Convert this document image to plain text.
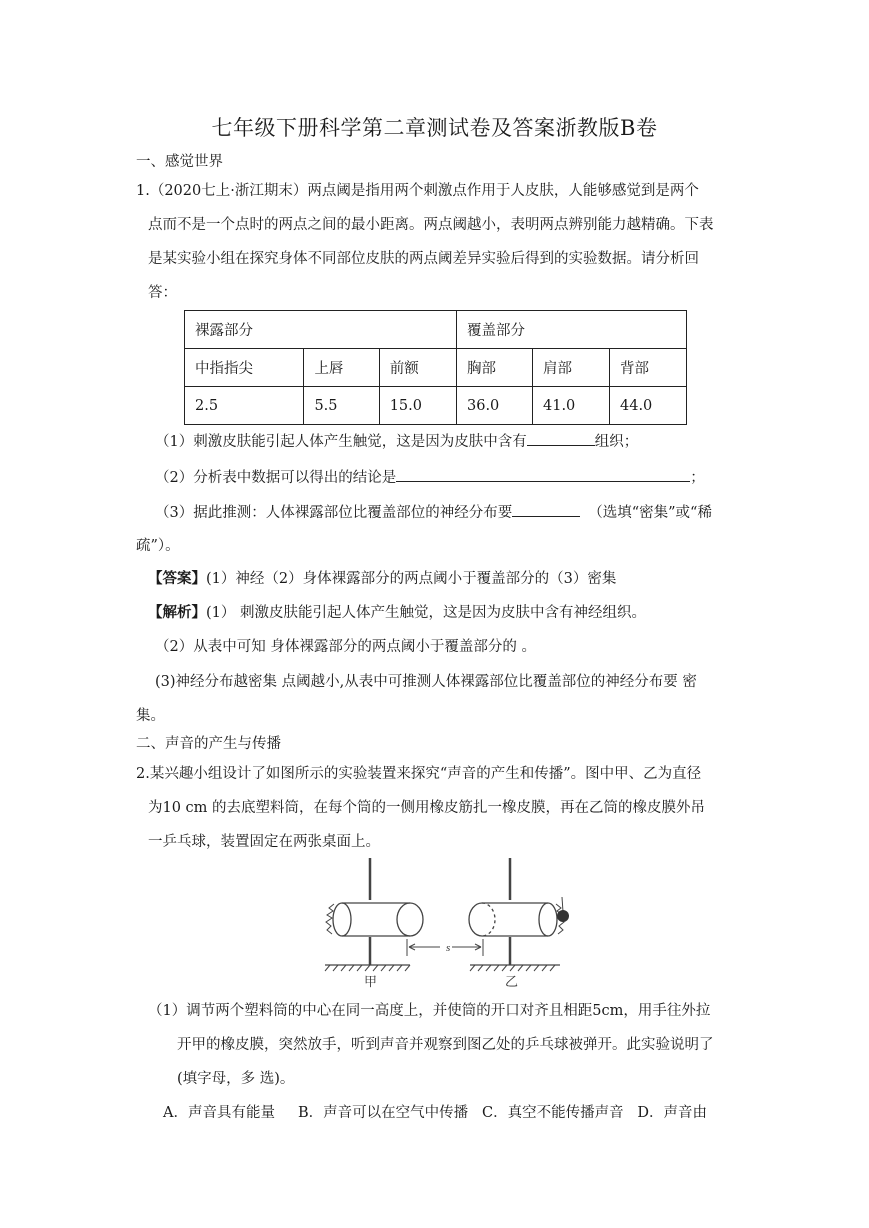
七年级下册科学第二章测试卷及答案浙教版B卷
一、感觉世界
1.（2020七上·浙江期末）两点阈是指用两个刺激点作用于人皮肤，人能够感觉到是两个
点而不是一个点时的两点之间的最小距离。两点阈越小，表明两点辨别能力越精确。下表
是某实验小组在探究身体不同部位皮肤的两点阈差异实验后得到的实验数据。请分析回
答：
裸露部分			覆盖部分		
中指指尖	上唇	前额	胸部	肩部	背部
2.5	5.5	15.0	36.0	41.0	44.0
（1）刺激皮肤能引起人体产生触觉，这是因为皮肤中含有	组织；
（2）分析表中数据可以得出的结论是	；
（3）据此推测：人体裸露部位比覆盖部位的神经分布要	（选填“密集”或“稀
疏”）。
【答案】(1）神经（2）身体裸露部分的两点阈小于覆盖部分的（3）密集
【解析】(1） 刺激皮肤能引起人体产生触觉，这是因为皮肤中含有神经组织。
（2）从表中可知 身体裸露部分的两点阈小于覆盖部分的 。
(3)神经分布越密集 点阈越小,从表中可推测人体裸露部位比覆盖部位的神经分布要 密
集。
二、声音的产生与传播
2.某兴趣小组设计了如图所示的实验装置来探究“声音的产生和传播”。图中甲、乙为直径
为10 cm 的去底塑料筒，在每个筒的一侧用橡皮筋扎一橡皮膜，再在乙筒的橡皮膜外吊
一乒乓球，装置固定在两张桌面上。
s
甲	乙
（1）调节两个塑料筒的中心在同一高度上，并使筒的开口对齐且相距5cm，用手往外拉
开甲的橡皮膜，突然放手，听到声音并观察到图乙处的乒乓球被弹开。此实验说明了
(填字母，多 选)。
A．声音具有能量     B．声音可以在空气中传播   C．真空不能传播声音   D．声音由
